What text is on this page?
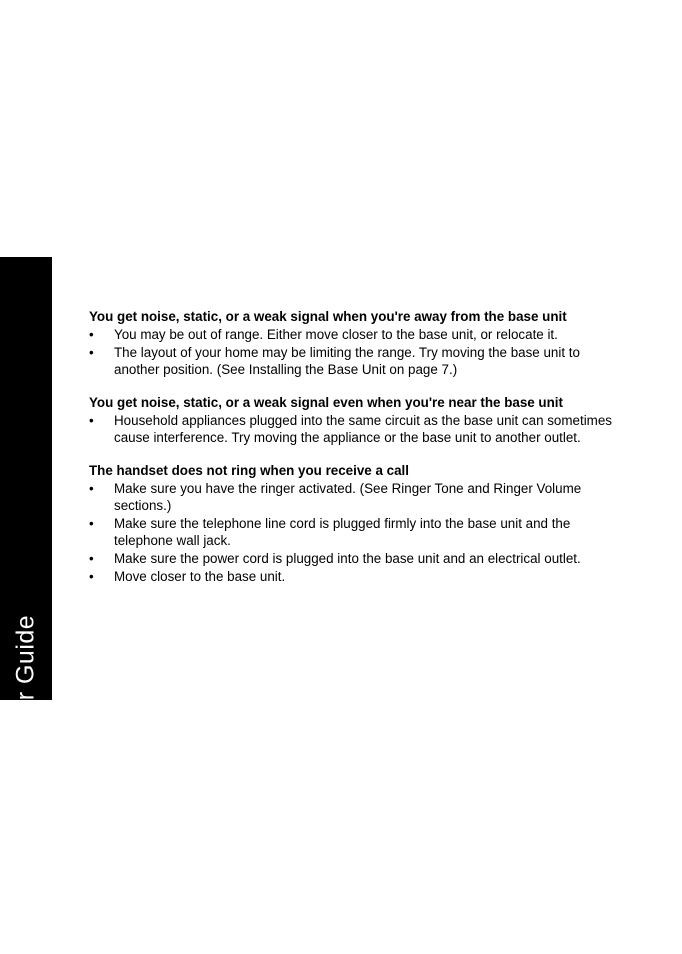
MD7151 User Guide
36

You get noise, static, or a weak signal when you're away from the base unit

•	You may be out of range. Either move closer to the base unit, or relocate it.
•	The layout of your home may be limiting the range. Try moving the base unit to another position. (See Installing the Base Unit on page 7.)

You get noise, static, or a weak signal even when you're near the base unit

•	Household appliances plugged into the same circuit as the base unit can sometimes cause interference. Try moving the appliance or the base unit to another outlet.

The handset does not ring when you receive a call

•	Make sure you have the ringer activated. (See Ringer Tone and Ringer Volume sections.)
•	Make sure the telephone line cord is plugged firmly into the base unit and the telephone wall jack.
•	Make sure the power cord is plugged into the base unit and an electrical outlet.
•	Move closer to the base unit.
